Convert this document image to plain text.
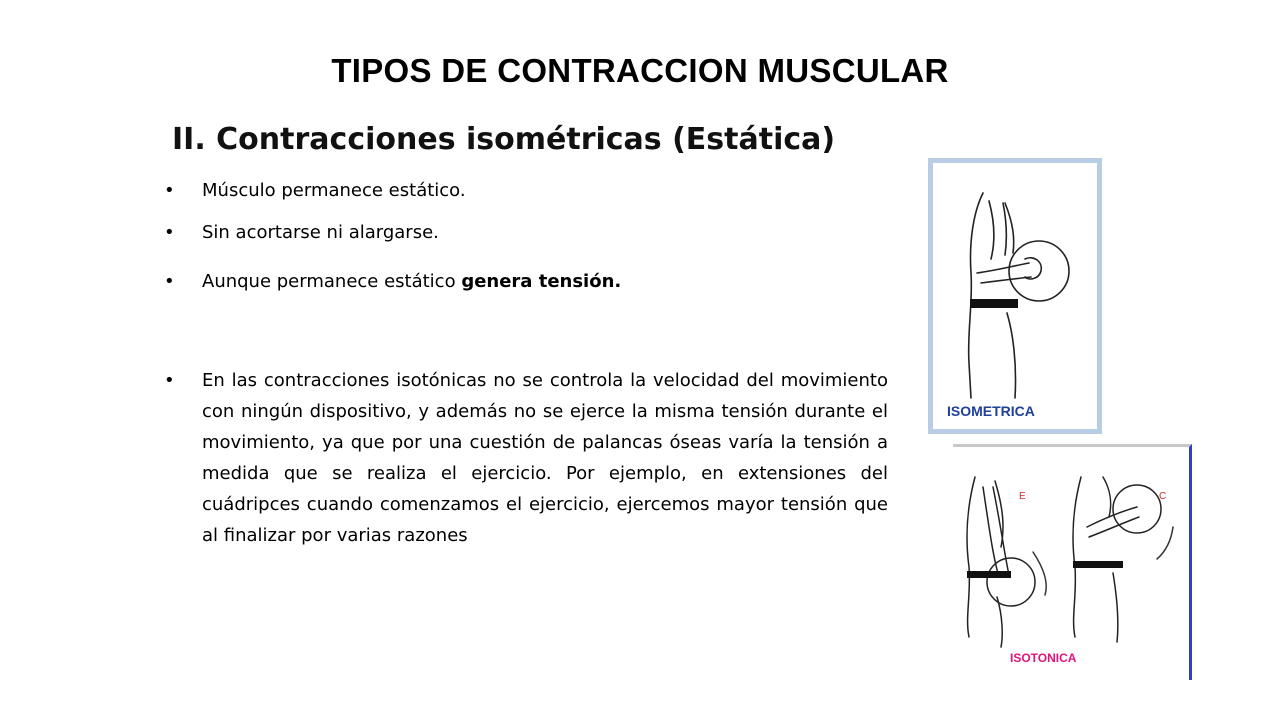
TIPOS DE CONTRACCION MUSCULAR
II. Contracciones isométricas (Estática)
• Músculo permanece estático.
• Sin acortarse ni alargarse.
• Aunque permanece estático genera tensión.
• En las contracciones isotónicas no se controla la velocidad del movimiento con ningún dispositivo, y además no se ejerce la misma tensión durante el movimiento, ya que por una cuestión de palancas óseas varía la tensión a medida que se realiza el ejercicio. Por ejemplo, en extensiones del cuádripces cuando comenzamos el ejercicio, ejercemos mayor tensión que al finalizar por varias razones
ISOMETRICA
E	C
ISOTONICA
